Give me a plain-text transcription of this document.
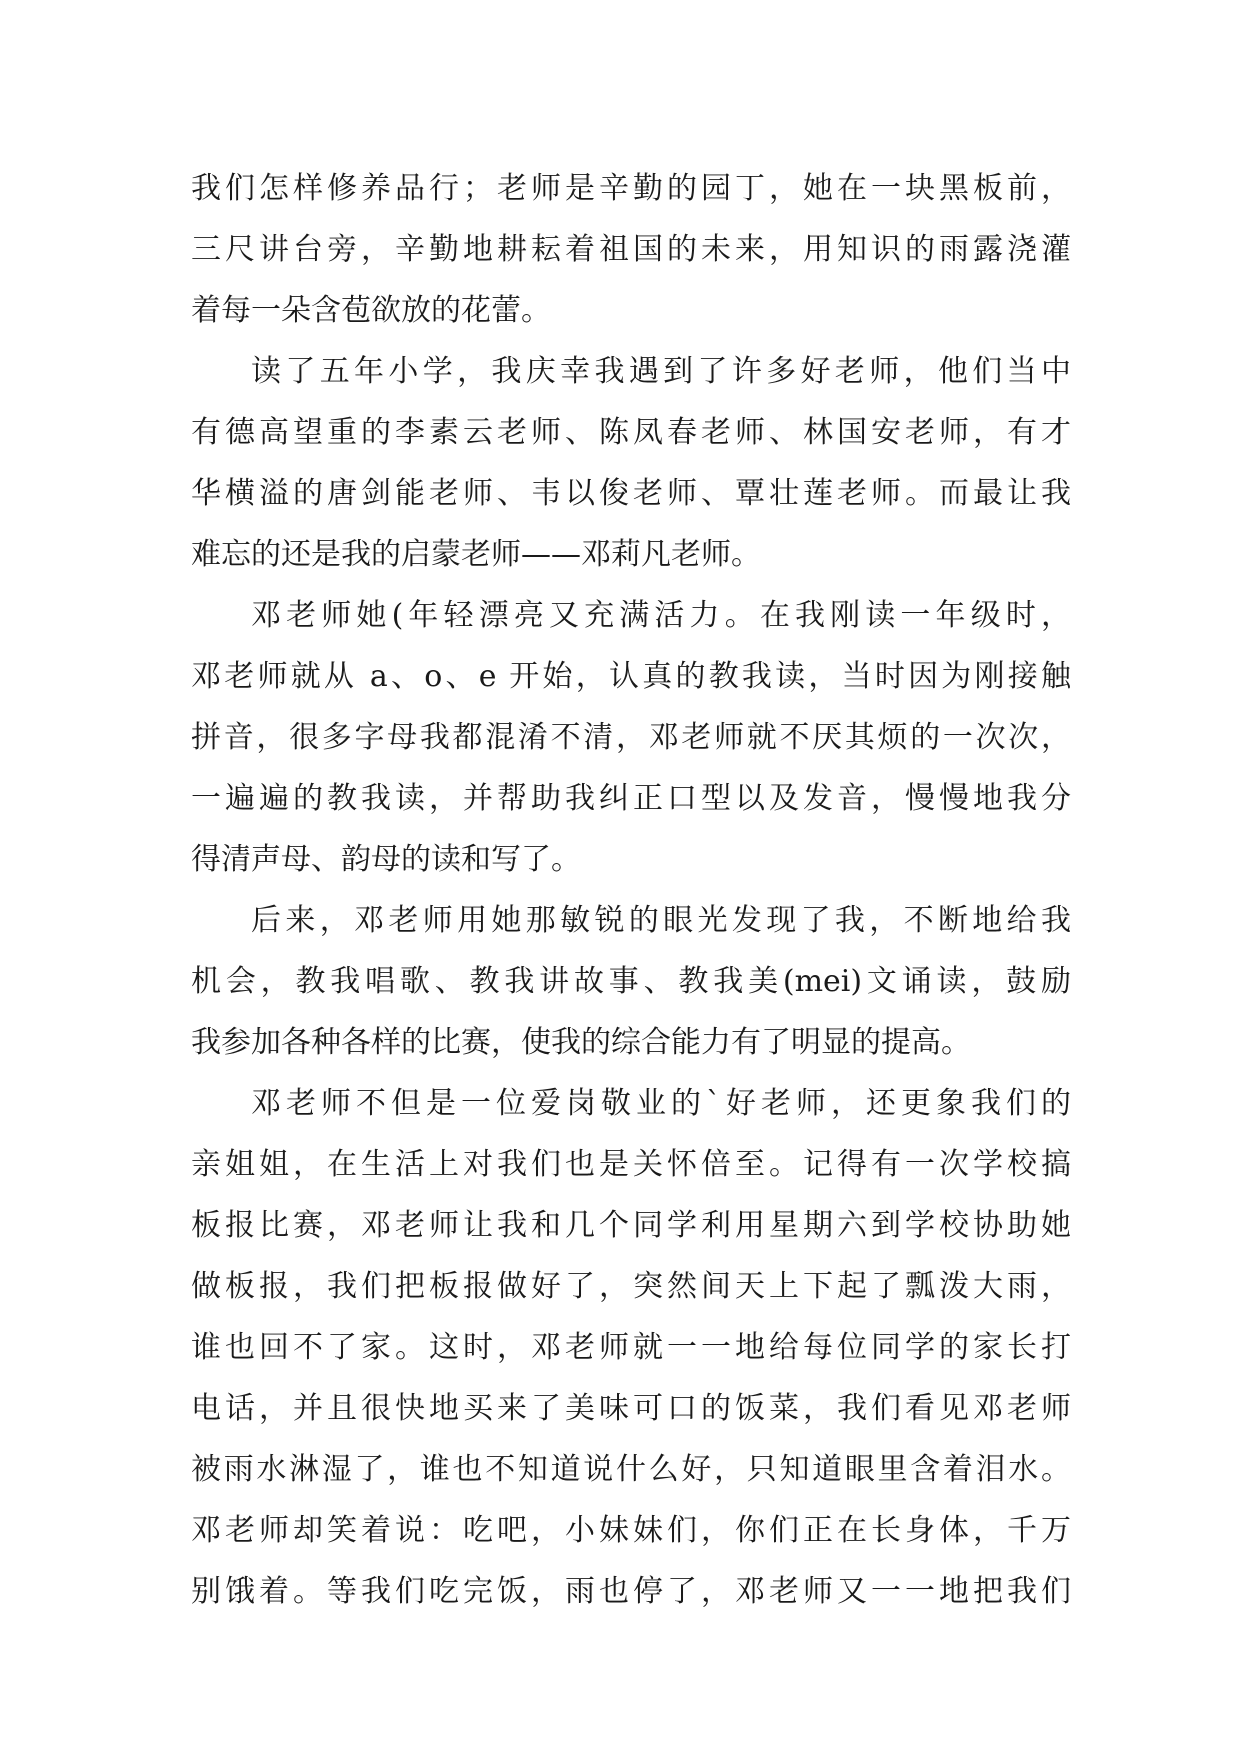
我们怎样修养品行；老师是辛勤的园丁，她在一块黑板前，
三尺讲台旁，辛勤地耕耘着祖国的未来，用知识的雨露浇灌
着每一朵含苞欲放的花蕾。
读了五年小学，我庆幸我遇到了许多好老师，他们当中
有德高望重的李素云老师、陈凤春老师、林国安老师，有才
华横溢的唐剑能老师、韦以俊老师、覃壮莲老师。而最让我
难忘的还是我的启蒙老师——邓莉凡老师。
邓老师她(年轻漂亮又充满活力。在我刚读一年级时，
邓老师就从 a、o、e 开始，认真的教我读，当时因为刚接触
拼音，很多字母我都混淆不清，邓老师就不厌其烦的一次次，
一遍遍的教我读，并帮助我纠正口型以及发音，慢慢地我分
得清声母、韵母的读和写了。
后来，邓老师用她那敏锐的眼光发现了我，不断地给我
机会，教我唱歌、教我讲故事、教我美(mei)文诵读，鼓励
我参加各种各样的比赛，使我的综合能力有了明显的提高。
邓老师不但是一位爱岗敬业的`好老师，还更象我们的
亲姐姐，在生活上对我们也是关怀倍至。记得有一次学校搞
板报比赛，邓老师让我和几个同学利用星期六到学校协助她
做板报，我们把板报做好了，突然间天上下起了瓢泼大雨，
谁也回不了家。这时，邓老师就一一地给每位同学的家长打
电话，并且很快地买来了美味可口的饭菜，我们看见邓老师
被雨水淋湿了，谁也不知道说什么好，只知道眼里含着泪水。
邓老师却笑着说：吃吧，小妹妹们，你们正在长身体，千万
别饿着。等我们吃完饭，雨也停了，邓老师又一一地把我们
